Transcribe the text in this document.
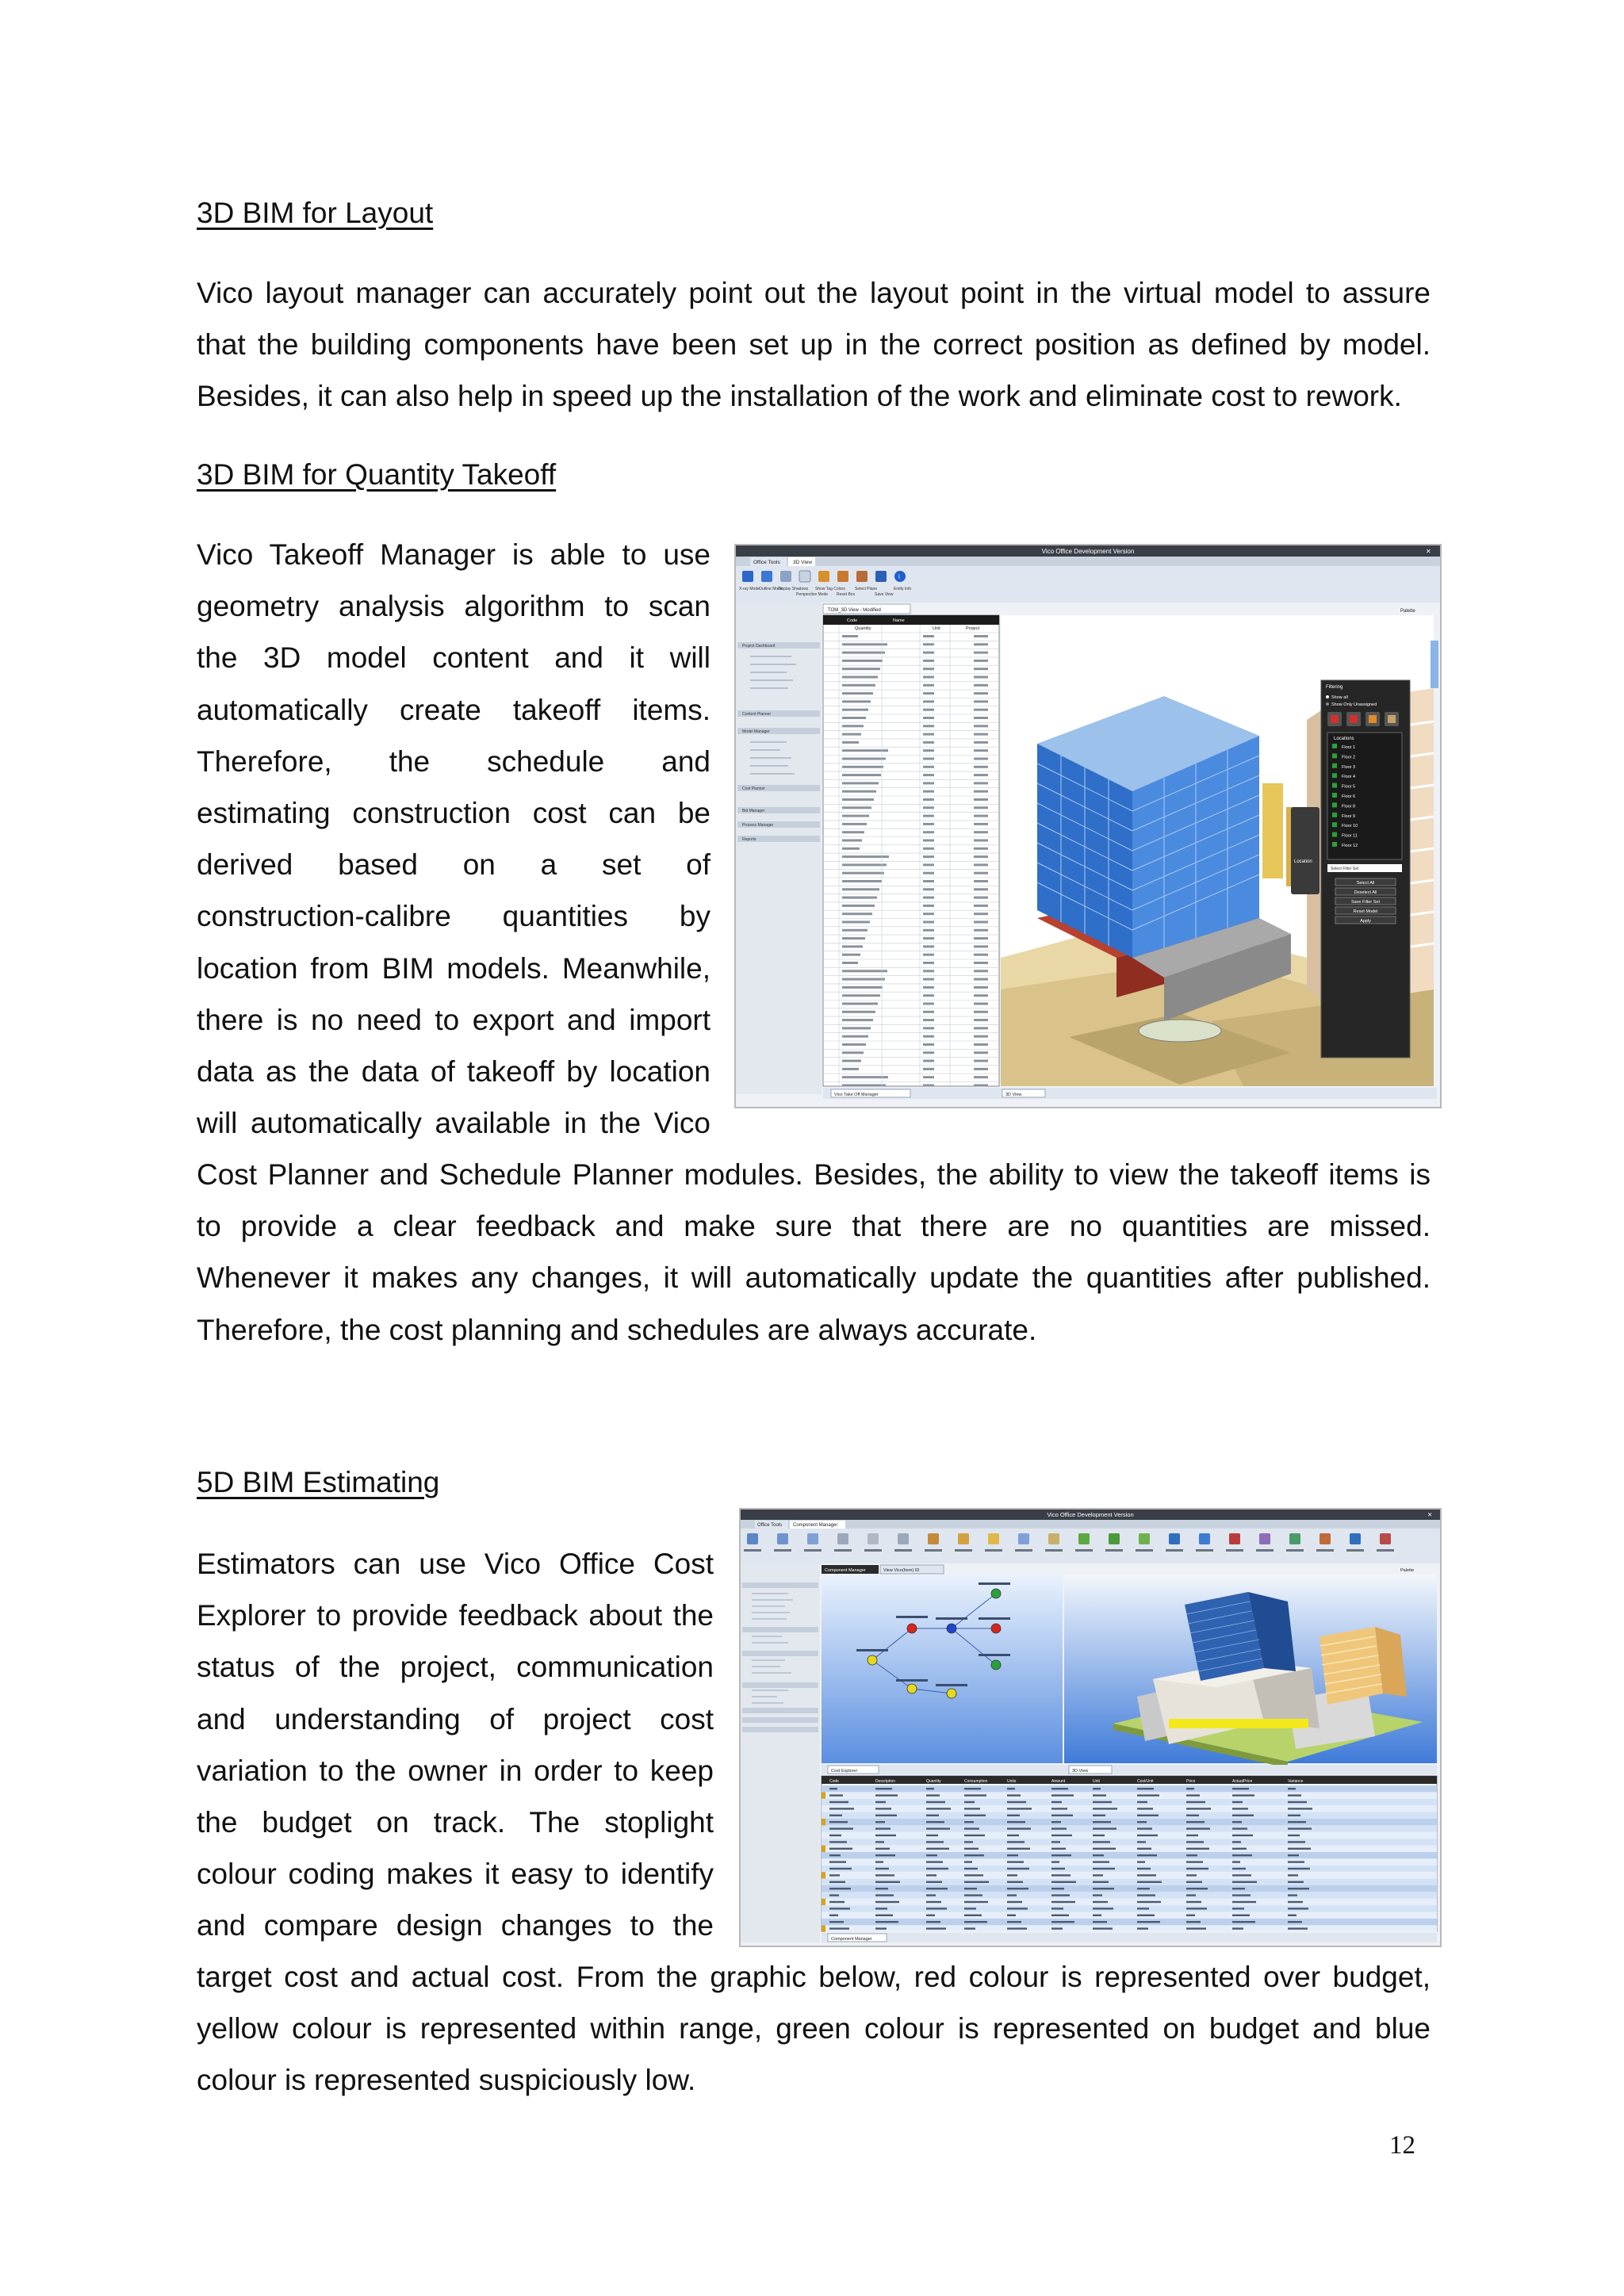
3D BIM for Layout

Vico layout manager can accurately point out the layout point in the virtual model to assure
that the building components have been set up in the correct position as defined by model.
Besides, it can also help in speed up the installation of the work and eliminate cost to rework.

3D BIM for Quantity Takeoff

Vico Takeoff Manager is able to use
geometry analysis algorithm to scan
the 3D model content and it will
automatically create takeoff items.
Therefore, the schedule and
estimating construction cost can be
derived based on a set of
construction-calibre quantities by
location from BIM models. Meanwhile,
there is no need to export and import
data as the data of takeoff by location
will automatically available in the Vico

Cost Planner and Schedule Planner modules. Besides, the ability to view the takeoff items is
to provide a clear feedback and make sure that there are no quantities are missed.
Whenever it makes any changes, it will automatically update the quantities after published.
Therefore, the cost planning and schedules are always accurate.

Vico Office Development Version	✕
Office Tools	3D View
i
X-ray Mode Outline Mode
Display Shadows
Perspective Mode
Show Tag Colors
Reset Box
Select Plane
Save View
Entity Info
Project Dashboard
Content Planner
Model Manager
Cost Planner
Bid Manager
Process Manager
Reports
TOM_3D View - Modified
Code	Name
Quantity	Unit	Project
Vico Take Off Manager	3D View
Palette
Filtering
Show all
Show Only Unassigned
Locations
Floor 1
Floor 2
Floor 3
Floor 4
Floor 5
Floor 6
Floor 8
Floor 9
Floor 10
Floor 11
Floor 12
Select Filter Set
Select All
Deselect All
Save Filter Set
Reset Model
Apply
Location
5D BIM Estimating

Estimators can use Vico Office Cost
Explorer to provide feedback about the
status of the project, communication
and understanding of project cost
variation to the owner in order to keep
the budget on track. The stoplight
colour coding makes it easy to identify
and compare design changes to the

target cost and actual cost. From the graphic below, red colour is represented over budget,
yellow colour is represented within range, green colour is represented on budget and blue
colour is represented suspiciously low.

Vico Office Development Version	✕
Office Tools Component Manager
Component Manager	View Vico(Item) ID	Palette
Cost Explorer	3D View
Code	Description	Quantity	Consumption	Units	Amount	Unit	Cost/Unit	Price	ActualPrice	Variance
Component Manager
12
